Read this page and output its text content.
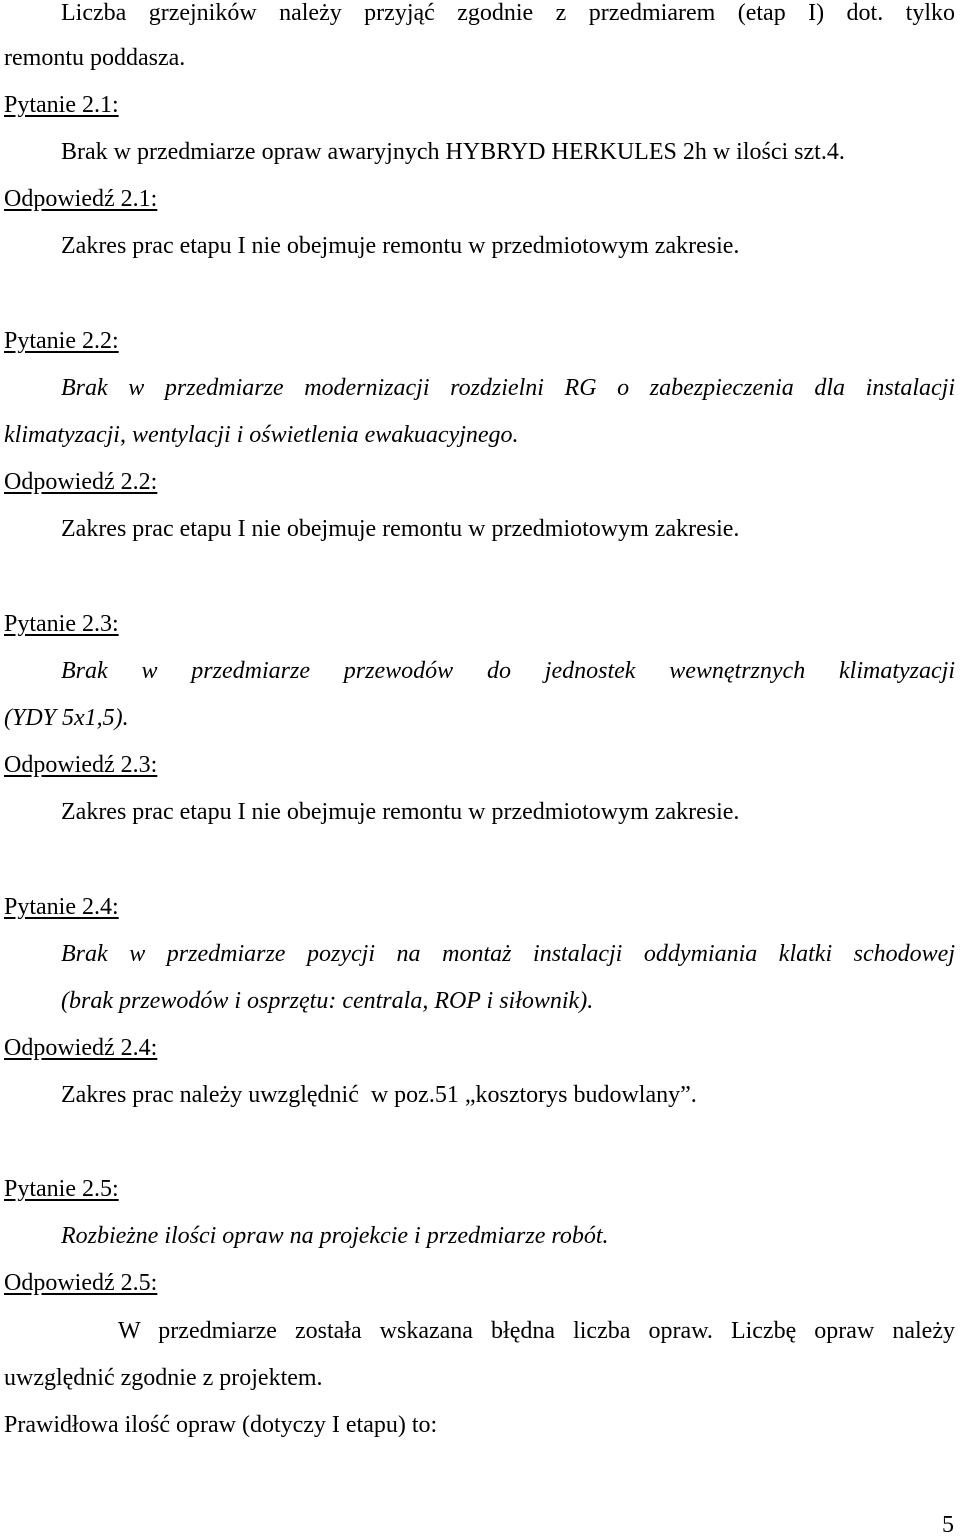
Liczba grzejników należy przyjąć zgodnie z przedmiarem (etap I) dot. tylko
remontu poddasza.
Pytanie 2.1:
Brak w przedmiarze opraw awaryjnych HYBRYD HERKULES 2h w ilości szt.4.
Odpowiedź 2.1:
Zakres prac etapu I nie obejmuje remontu w przedmiotowym zakresie.
Pytanie 2.2:
Brak w przedmiarze modernizacji rozdzielni RG o zabezpieczenia dla instalacji
klimatyzacji, wentylacji i oświetlenia ewakuacyjnego.
Odpowiedź 2.2:
Zakres prac etapu I nie obejmuje remontu w przedmiotowym zakresie.
Pytanie 2.3:
Brak w przedmiarze przewodów do jednostek wewnętrznych klimatyzacji
(YDY 5x1,5).
Odpowiedź 2.3:
Zakres prac etapu I nie obejmuje remontu w przedmiotowym zakresie.
Pytanie 2.4:
Brak w przedmiarze pozycji na montaż instalacji oddymiania klatki schodowej
(brak przewodów i osprzętu: centrala, ROP i siłownik).
Odpowiedź 2.4:
Zakres prac należy uwzględnić  w poz.51 „kosztorys budowlany”.
Pytanie 2.5:
Rozbieżne ilości opraw na projekcie i przedmiarze robót.
Odpowiedź 2.5:
W przedmiarze została wskazana błędna liczba opraw. Liczbę opraw należy
uwzględnić zgodnie z projektem.
Prawidłowa ilość opraw (dotyczy I etapu) to:
5
